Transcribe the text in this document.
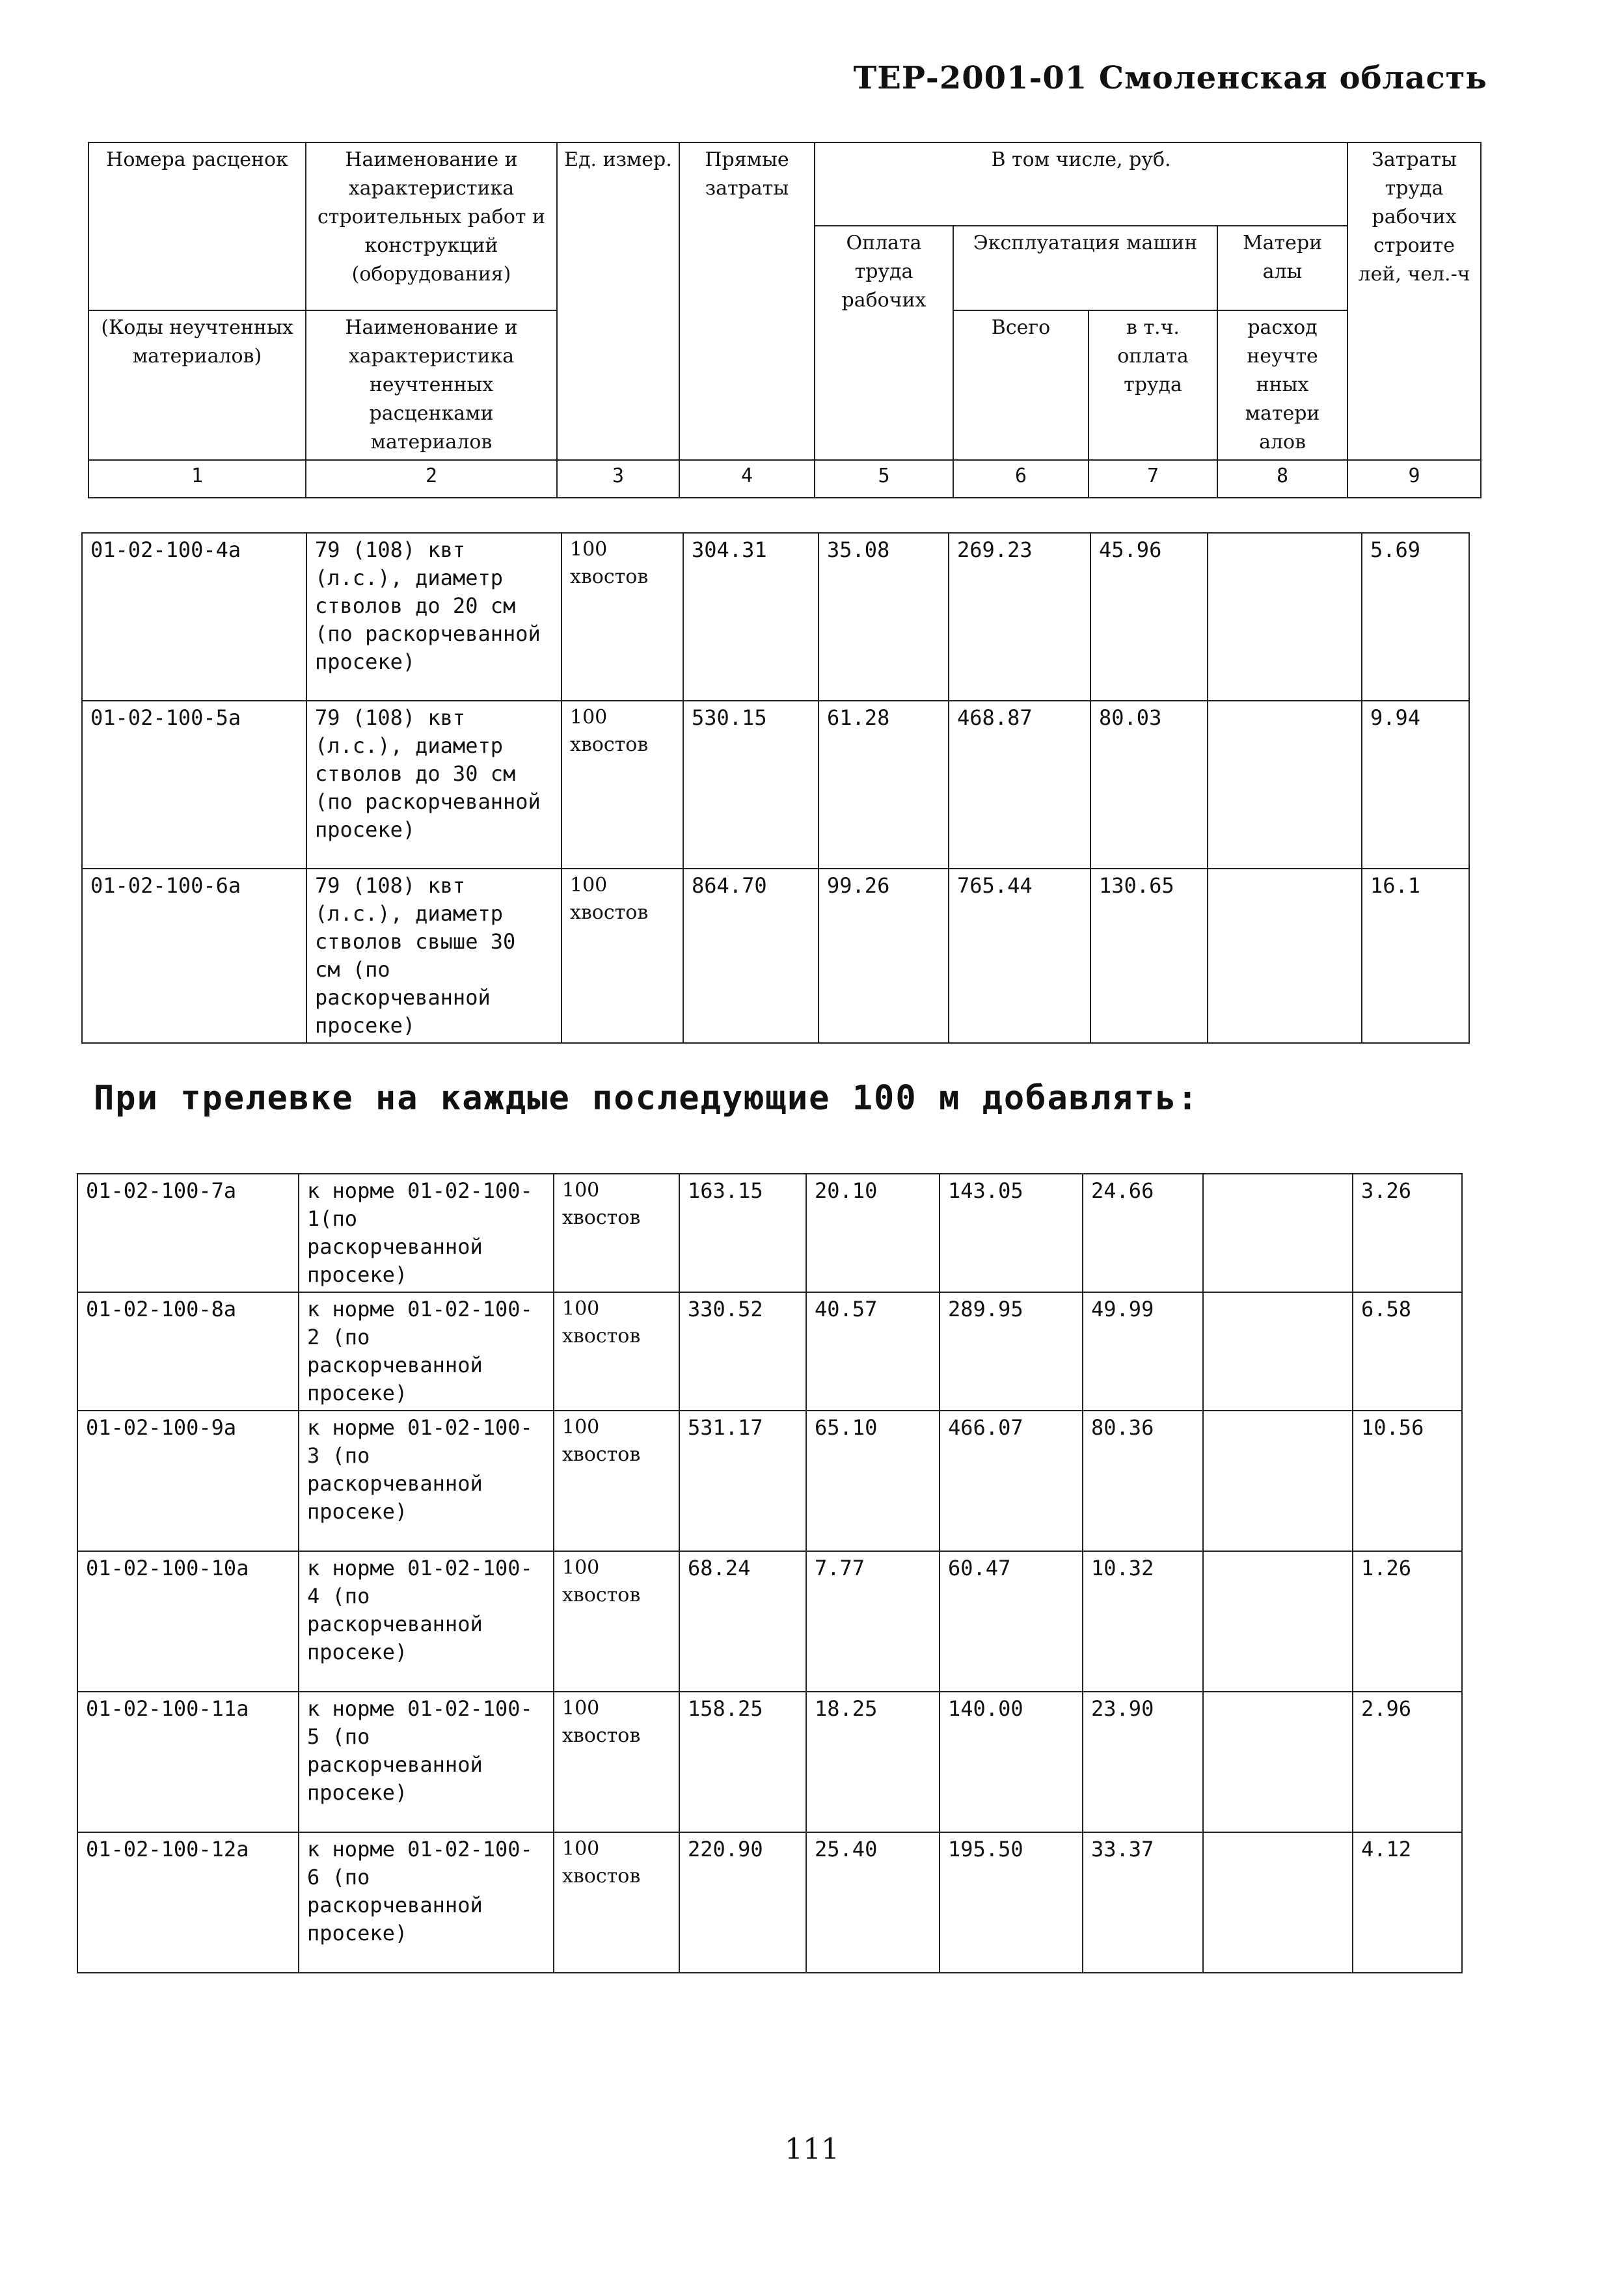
ТЕР-2001-01 Смоленская область
Номера расценок	Наименование и характеристика строительных работ и конструкций (оборудования)	Ед. измер.	Прямые затраты	В том числе, руб.				Затраты труда рабочих строите лей, чел.-ч
				Оплата труда рабочих	Эксплуатация машин		Матери алы	
(Коды неучтенных материалов)	Наименование и характеристика неучтенных расценками материалов				Всего	в т.ч. оплата труда	расход неучте нных матери алов	
1	2	3	4	5	6	7	8	9
01-02-100-4а	79 (108) квт (л.с.), диаметр стволов до 20 см (по раскорчеванной просеке)	100 хвостов	304.31	35.08	269.23	45.96		5.69
01-02-100-5а	79 (108) квт (л.с.), диаметр стволов до 30 см (по раскорчеванной просеке)	100 хвостов	530.15	61.28	468.87	80.03		9.94
01-02-100-6а	79 (108) квт (л.с.), диаметр стволов свыше 30 см (по раскорчеванной просеке)	100 хвостов	864.70	99.26	765.44	130.65		16.1
При трелевке на каждые последующие 100 м добавлять:
01-02-100-7а	к норме 01-02-100-1(по раскорчеванной просеке)	100 хвостов	163.15	20.10	143.05	24.66		3.26
01-02-100-8а	к норме 01-02-100-2 (по раскорчеванной просеке)	100 хвостов	330.52	40.57	289.95	49.99		6.58
01-02-100-9а	к норме 01-02-100-3 (по раскорчеванной просеке)	100 хвостов	531.17	65.10	466.07	80.36		10.56
01-02-100-10а	к норме 01-02-100-4 (по раскорчеванной просеке)	100 хвостов	68.24	7.77	60.47	10.32		1.26
01-02-100-11а	к норме 01-02-100-5 (по раскорчеванной просеке)	100 хвостов	158.25	18.25	140.00	23.90		2.96
01-02-100-12а	к норме 01-02-100-6 (по раскорчеванной просеке)	100 хвостов	220.90	25.40	195.50	33.37		4.12
111
